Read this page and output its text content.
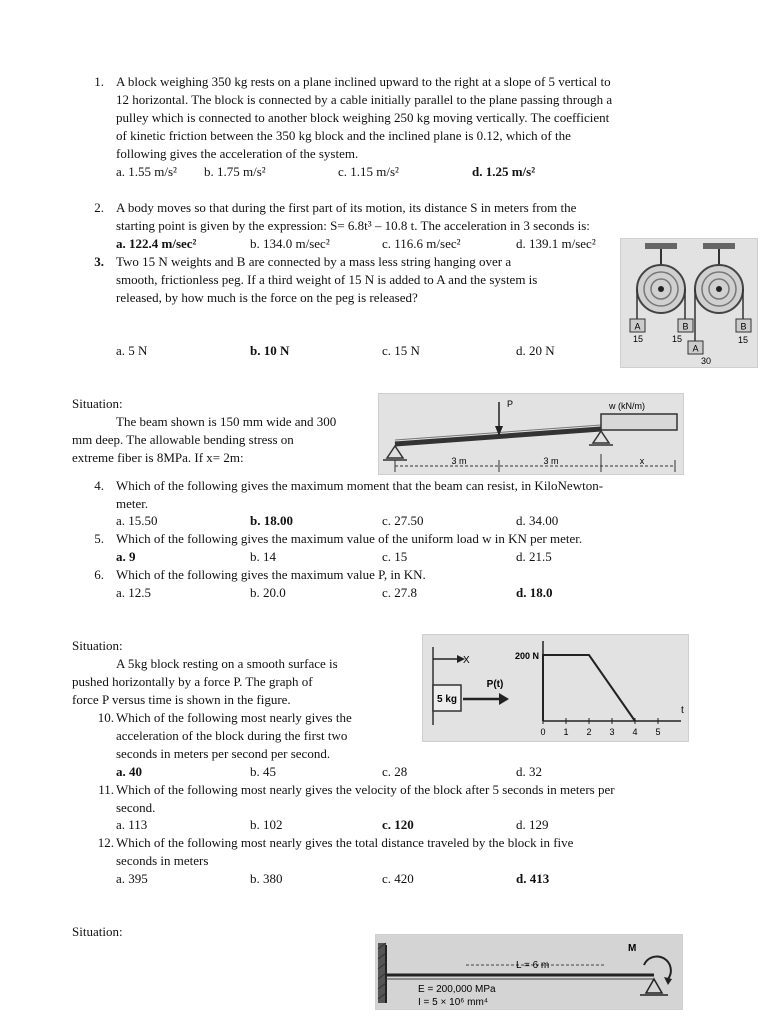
1. A block weighing 350 kg rests on a plane inclined upward to the right at a slope of 5 vertical to
12 horizontal. The block is connected by a cable initially parallel to the plane passing through a
pulley which is connected to another block weighing 250 kg moving vertically. The coefficient
of kinetic friction between the 350 kg block and the inclined plane is 0.12, which of the
following gives the acceleration of the system.
a. 1.55 m/s² b. 1.75 m/s²	c. 1.15 m/s²	d. 1.25 m/s²
2. A body moves so that during the first part of its motion, its distance S in meters from the
starting point is given by the expression: S= 6.8t³ – 10.8 t. The acceleration in 3 seconds is:
a. 122.4 m/sec²	b. 134.0 m/sec²	c. 116.6 m/sec²	d. 139.1 m/sec²
3. Two 15 N weights and B are connected by a mass less string hanging over a
smooth, frictionless peg. If a third weight of 15 N is added to A and the system is
released, by how much is the force on the peg is released?
a. 5 N	b. 10 N	c. 15 N	d. 20 N
A	B
15	15
A
B
15
30
Situation:
The beam shown is 150 mm wide and 300
mm deep. The allowable bending stress on
extreme fiber is 8MPa. If x= 2m:
P	w (kN/m)
3 m	3 m	x
4. Which of the following gives the maximum moment that the beam can resist, in KiloNewton-
meter.
a. 15.50	b. 18.00	c. 27.50	d. 34.00
5. Which of the following gives the maximum value of the uniform load w in KN per meter.
a. 9	b. 14	c. 15	d. 21.5
6. Which of the following gives the maximum value P, in KN.
a. 12.5	b. 20.0	c. 27.8	d. 18.0
Situation:
A 5kg block resting on a smooth surface is
pushed horizontally by a force P. The graph of
force P versus time is shown in the figure.
X
5 kg
P(t)
200 N
t
0 1 2 3 4 5
10. Which of the following most nearly gives the
acceleration of the block during the first two
seconds in meters per second per second.
a. 40	b. 45	c. 28	d. 32
11. Which of the following most nearly gives the velocity of the block after 5 seconds in meters per
second.
a. 113	b. 102	c. 120	d. 129
12. Which of the following most nearly gives the total distance traveled by the block in five
seconds in meters
a. 395	b. 380	c. 420	d. 413
Situation:
M
L = 6 m
E = 200,000 MPa
I = 5 × 10⁶ mm⁴
